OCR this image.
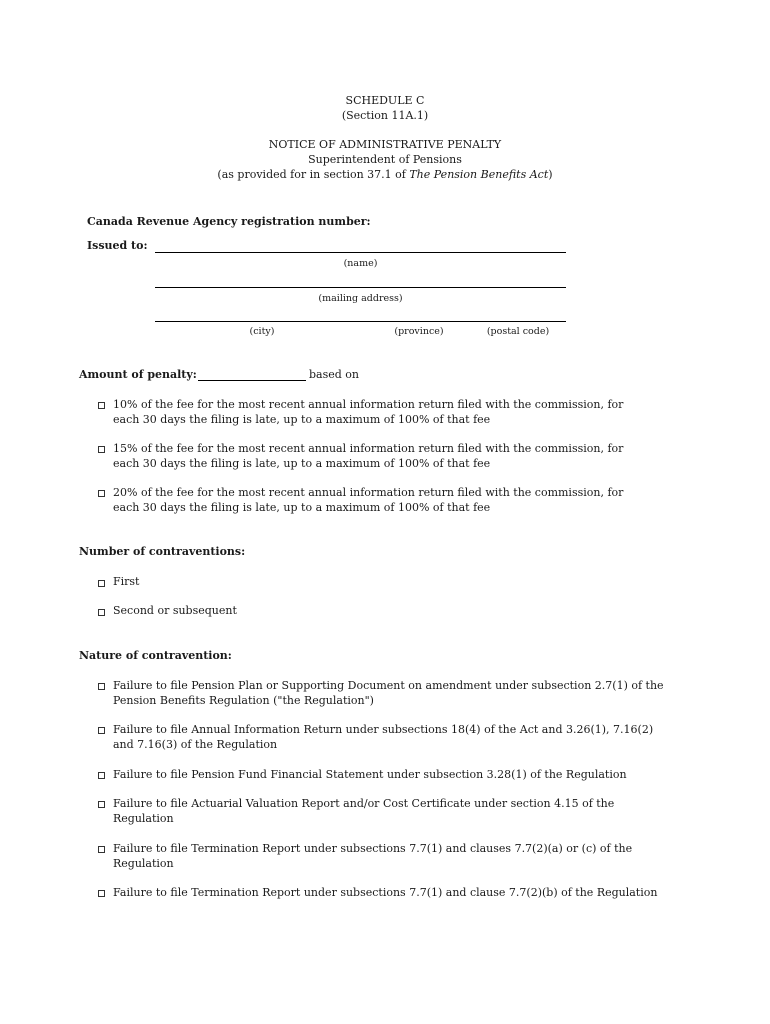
SCHEDULE C
(Section 11A.1)
NOTICE OF ADMINISTRATIVE PENALTY
Superintendent of Pensions
(as provided for in section 37.1 of The Pension Benefits Act)
Canada Revenue Agency registration number:
Issued to:
(name)
(mailing address)
(city)	(province)	(postal code)
Amount of penalty:	based on
10% of the fee for the most recent annual information return filed with the commission, for
each 30 days the filing is late, up to a maximum of 100% of that fee
15% of the fee for the most recent annual information return filed with the commission, for
each 30 days the filing is late, up to a maximum of 100% of that fee
20% of the fee for the most recent annual information return filed with the commission, for
each 30 days the filing is late, up to a maximum of 100% of that fee
Number of contraventions:
First
Second or subsequent
Nature of contravention:
Failure to file Pension Plan or Supporting Document on amendment under subsection 2.7(1) of the
Pension Benefits Regulation ("the Regulation")
Failure to file Annual Information Return under subsections 18(4) of the Act and 3.26(1), 7.16(2)
and 7.16(3) of the Regulation
Failure to file Pension Fund Financial Statement under subsection 3.28(1) of the Regulation
Failure to file Actuarial Valuation Report and/or Cost Certificate under section 4.15 of the
Regulation
Failure to file Termination Report under subsections 7.7(1) and clauses 7.7(2)(a) or (c) of the
Regulation
Failure to file Termination Report under subsections 7.7(1) and clause 7.7(2)(b) of the Regulation
